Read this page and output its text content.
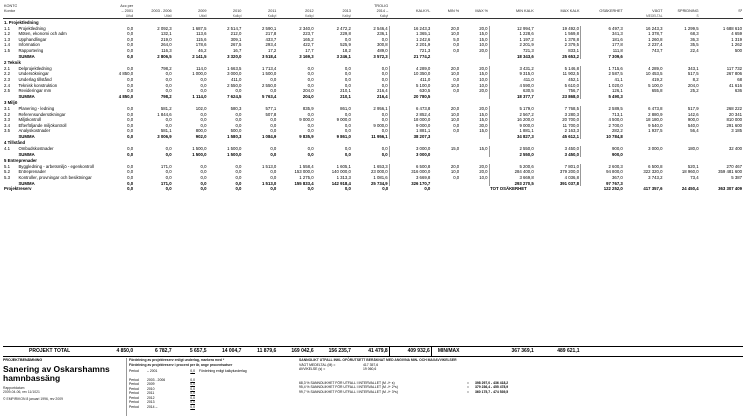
KONTO		Acc per							TROLIG									
Kontor		– 2001	2003 - 2006	2009	2010	2011	2012	2013	2014 –	KALKYL	MIN %	MAX %	MIN KALK	MAX KALK	OSÄKERHET	VÄGT	SPRIDNING	S²
		Utfall	Utfall	Utfall	Kalkyl	Kalkyl	Kalkyl	Kalkyl	Kalkyl							MEDELTAL	S	
1. Projektledning																		
1.1	Projektledning	0,0	2 092,3	1 687,5	2 514,7	2 590,1	2 340,0	2 472,2	2 546,4	16 243,3	20,0	20,0	12 994,7	19 492,0	6 497,3	16 243,3	1 299,5	1 688 610
1.2	Möten, ekonomi och adm	0,0	132,1	113,6	212,0	217,8	223,7	229,8	236,1	1 365,1	10,0	15,0	1 228,6	1 569,8	341,3	1 378,7	68,3	4 659
1.3	Upphandlingar	0,0	219,0	115,6	309,1	433,7	165,2	0,0	0,0	1 242,6	5,0	15,0	1 197,2	1 378,8	181,6	1 260,8	36,3	1 319
1.4	Information	0,0	264,0	178,6	267,5	293,4	422,7	525,9	300,8	2 201,9	0,0	10,0	2 201,9	2 379,5	177,8	2 237,4	35,5	1 262
1.5	Rapportering	0,0	116,3	46,2	16,7	17,2	17,7	18,2	489,0	721,3	0,0	20,0	721,3	833,1	111,8	743,7	22,4	500
	SUMMA	0,0	2 806,5	2 141,5	3 320,0	3 518,4	3 169,3	3 246,1	3 572,3	21 774,2			18 343,6	25 653,2	7 309,6			
2 Teknik																		
2.1	Delprojektledning	0,0	798,2	114,0	1 663,5	1 713,4	0,0	0,0	0,0	4 289,0	20,0	20,0	3 431,2	5 146,8	1 715,6	4 289,0	343,1	117 732
2.2	Undersökningar	4 850,0	0,0	1 000,0	3 000,0	1 500,0	0,0	0,0	0,0	10 350,0	10,0	15,0	9 315,0	11 902,5	2 587,5	10 453,5	517,5	267 806
2.3	Underlag tillstånd	0,0	0,0	0,0	411,0	0,0	0,0	0,0	0,0	411,0	0,0	10,0	411,0	452,1	41,1	419,2	8,2	68
2.4	Teknisk konstruktion	0,0	0,0	0,0	2 550,0	2 550,0	0,0	0,0	0,0	5 100,0	10,0	10,0	4 590,0	5 610,0	1 020,0	5 100,0	204,0	41 616
2.5	Revideringar mm	0,0	0,0	0,0	0,0	0,0	204,0	210,1	216,4	630,5	0,0	20,0	630,5	756,7	126,1	655,8	25,2	636
	SUMMA	4 850,0	798,2	1 114,0	7 624,5	5 763,4	204,0	210,1	216,4	20 780,5			18 377,7	23 868,0	5 490,3			
3 Miljö																		
3.1	Planering - ledning	0,0	581,2	102,0	580,3	577,1	835,9	861,0	2 956,1	6 473,8	20,0	20,0	5 179,0	7 768,5	2 589,5	6 473,8	517,9	268 222
3.2	Referensundersökningar	0,0	1 844,6	0,0	0,0	507,8	0,0	0,0	0,0	2 852,4	10,0	15,0	2 567,2	3 280,3	713,1	2 880,9	142,6	20 341
3.3	Miljökontroll	0,0	0,0	0,0	0,0	0,0	9 000,0	9 000,0	0,0	18 000,0	10,0	15,0	16 200,0	20 700,0	4 500,0	18 180,0	900,0	810 000
3.4	Efterföljande miljökontroll	0,0	0,0	0,0	0,0	0,0	0,0	0,0	9 000,0	9 000,0	0,0	30,0	9 000,0	11 700,0	2 700,0	9 540,0	540,0	291 600
3.5	Analyskostnader	0,0	581,1	800,0	500,0	0,0	0,0	0,0	0,0	1 881,1	0,0	15,0	1 881,1	2 163,3	282,2	1 937,5	56,4	3 185
	SUMMA	0,0	3 006,9	902,0	1 580,3	1 084,9	9 835,9	9 861,0	11 956,1	38 207,3			34 827,3	45 612,1	10 784,8			
4 Tillstånd																		
4.1	Ombudskostnader	0,0	0,0	1 500,0	1 500,0	0,0	0,0	0,0	0,0	3 000,0	15,0	15,0	2 550,0	3 450,0	900,0	3 000,0	180,0	32 400
	SUMMA	0,0	0,0	1 500,0	1 500,0	0,0	0,0	0,0	0,0	3 000,0			2 550,0	3 450,0	900,0			
5 Entreprenader																		
5.1	Byggledning - arbetsmiljö - egenkontroll	0,0	171,0	0,0	0,0	1 513,0	1 558,4	1 605,1	1 653,3	6 500,8	20,0	20,0	5 200,6	7 801,0	2 600,3	6 500,8	520,1	270 467
5.2	Entreprenader	0,0	0,0	0,0	0,0	0,0	153 000,0	140 000,0	23 000,0	316 000,0	10,0	20,0	284 400,0	379 200,0	94 800,0	322 320,0	18 960,0	359 481 600
5.3	Kontroller, provningar och besiktningar	0,0	0,0	0,0	0,0	0,0	1 275,0	1 313,3	1 081,6	3 669,8	0,0	10,0	3 669,8	4 036,8	367,0	3 743,2	73,4	5 387
	SUMMA	0,0	171,0	0,0	0,0	1 513,0	155 833,4	142 918,4	25 734,9	326 170,7			293 270,5	391 037,8	97 767,3			
Projektreserv		0,0	0,0	0,0	0,0	0,0	0,0	0,0	0,0	0,0			TOT OSÄKERHET		122 252,0	417 357,6	24 450,4	363 307 409
PROJEKT TOTAL	4 850,0	6 782,7	5 657,5	14 004,7	11 879,6	169 042,6	156 235,7	41 479,8	409 932,6	MIN/MAX	367 369,1	489 621,1	
PROJEKTBENÄMNING
Sanering av Oskarshamns hamnbassäng
Rapportdatum
2009-04-06, rev 11/1021
© EMPIRIKON 8 januari 1996, rev 2009
Fördelning av projektreserv enligt underlag, markera med *
Fördelning av projektreserv i procent per år, ange procentsatser
Period	– 2001	0,0	Fördelning enligt kalkylunderlag
Period	2003 - 2006	0,0
Period	2009	0,0
Period	2010	0,0
Period	2011	0,0
Period	2012	0,0
Period	2013	0,0
Period	2014 –	0,0
SANNOLIKT UTFALL INKL OFÖRUTSETT BERÄKNAT MED ANGIVNA MIN- OCH MAXAVVIKELSER
VÄGT MEDELTAL (M) =	417 357,6
AVVIKELSE (s) =	19 060,6
68,3 % SANNOLIKHET FÖR UTFALL I INTERVALLET (M -/+ s)	=	398 297,0 - 436 418,2
95,4 % SANNOLIKHET FÖR UTFALL I INTERVALLET (M -/+ 2*s)	=	379 236,4 - 455 478,9
99,7 % SANNOLIKHET FÖR UTFALL I INTERVALLET (M -/+ 3*s)	=	360 175,7 - 474 539,5
